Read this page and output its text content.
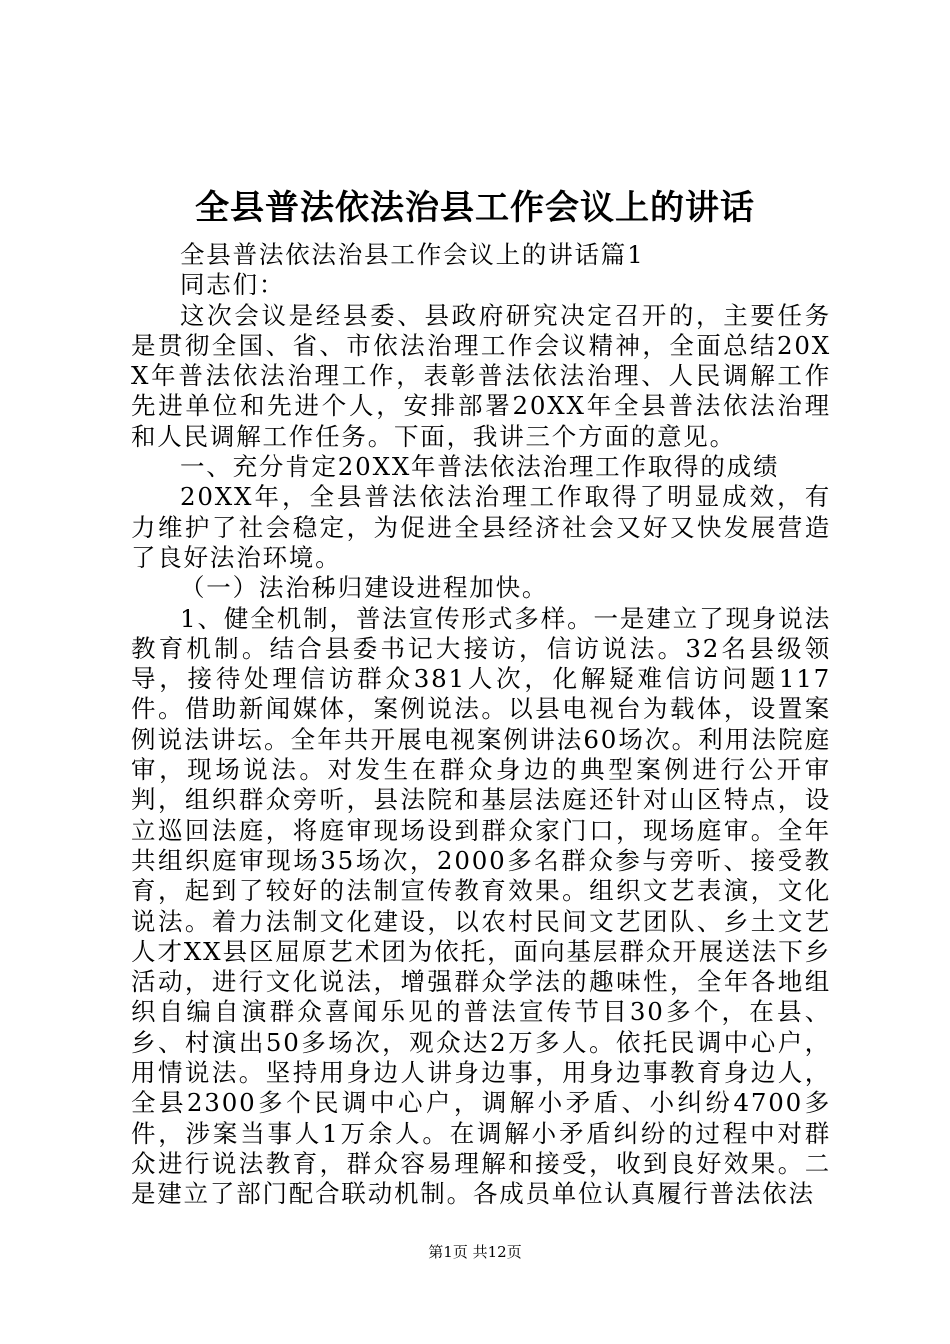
全县普法依法治县工作会议上的讲话

全县普法依法治县工作会议上的讲话篇1

同志们：

这次会议是经县委、县政府研究决定召开的，主要任务是贯彻全国、省、市依法治理工作会议精神，全面总结20XX年普法依法治理工作，表彰普法依法治理、人民调解工作先进单位和先进个人，安排部署20XX年全县普法依法治理和人民调解工作任务。下面，我讲三个方面的意见。

一、充分肯定20XX年普法依法治理工作取得的成绩

20XX年，全县普法依法治理工作取得了明显成效，有力维护了社会稳定，为促进全县经济社会又好又快发展营造了良好法治环境。

（一）法治秭归建设进程加快。

1、健全机制，普法宣传形式多样。一是建立了现身说法教育机制。结合县委书记大接访，信访说法。32名县级领导，接待处理信访群众381人次，化解疑难信访问题117件。借助新闻媒体，案例说法。以县电视台为载体，设置案例说法讲坛。全年共开展电视案例讲法60场次。利用法院庭审，现场说法。对发生在群众身边的典型案例进行公开审判，组织群众旁听，县法院和基层法庭还针对山区特点，设立巡回法庭，将庭审现场设到群众家门口，现场庭审。全年共组织庭审现场35场次，2000多名群众参与旁听、接受教育，起到了较好的法制宣传教育效果。组织文艺表演，文化说法。着力法制文化建设，以农村民间文艺团队、乡土文艺人才XX县区屈原艺术团为依托，面向基层群众开展送法下乡活动，进行文化说法，增强群众学法的趣味性，全年各地组织自编自演群众喜闻乐见的普法宣传节目30多个，在县、乡、村演出50多场次，观众达2万多人。依托民调中心户，用情说法。坚持用身边人讲身边事，用身边事教育身边人，全县2300多个民调中心户，调解小矛盾、小纠纷4700多件，涉案当事人1万余人。在调解小矛盾纠纷的过程中对群众进行说法教育，群众容易理解和接受，收到良好效果。二是建立了部门配合联动机制。各成员单位认真履行普法依法

第1页 共12页
